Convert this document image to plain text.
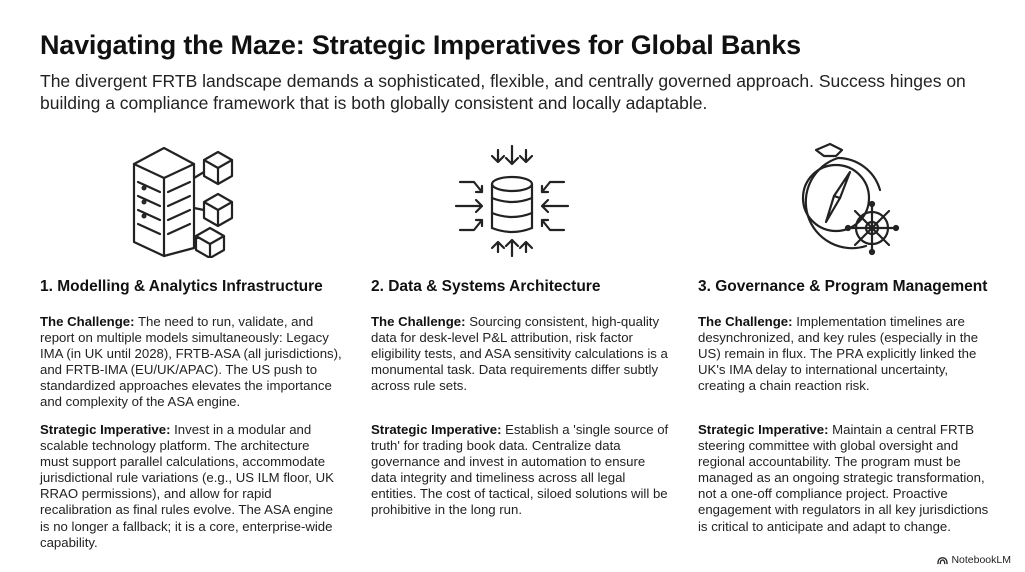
Navigating the Maze: Strategic Imperatives for Global Banks
The divergent FRTB landscape demands a sophisticated, flexible, and centrally governed approach. Success hinges on building a compliance framework that is both globally consistent and locally adaptable.
1. Modelling & Analytics Infrastructure

The Challenge: The need to run, validate, and report on multiple models simultaneously: Legacy IMA (in UK until 2028), FRTB-ASA (all jurisdictions), and FRTB-IMA (EU/UK/APAC). The US push to standardized approaches elevates the importance and complexity of the ASA engine.

Strategic Imperative: Invest in a modular and scalable technology platform. The architecture must support parallel calculations, accommodate jurisdictional rule variations (e.g., US ILM floor, UK RRAO permissions), and allow for rapid recalibration as final rules evolve. The ASA engine is no longer a fallback; it is a core, enterprise-wide capability.

2. Data & Systems Architecture

The Challenge: Sourcing consistent, high-quality data for desk-level P&L attribution, risk factor eligibility tests, and ASA sensitivity calculations is a monumental task. Data requirements differ subtly across rule sets.

Strategic Imperative: Establish a 'single source of truth' for trading book data. Centralize data governance and invest in automation to ensure data integrity and timeliness across all legal entities. The cost of tactical, siloed solutions will be prohibitive in the long run.

3. Governance & Program Management

The Challenge: Implementation timelines are desynchronized, and key rules (especially in the US) remain in flux. The PRA explicitly linked the UK's IMA delay to international uncertainty, creating a chain reaction risk.

Strategic Imperative: Maintain a central FRTB steering committee with global oversight and regional accountability. The program must be managed as an ongoing strategic transformation, not a one-off compliance project. Proactive engagement with regulators in all key jurisdictions is critical to anticipate and adapt to change.

NotebookLM
